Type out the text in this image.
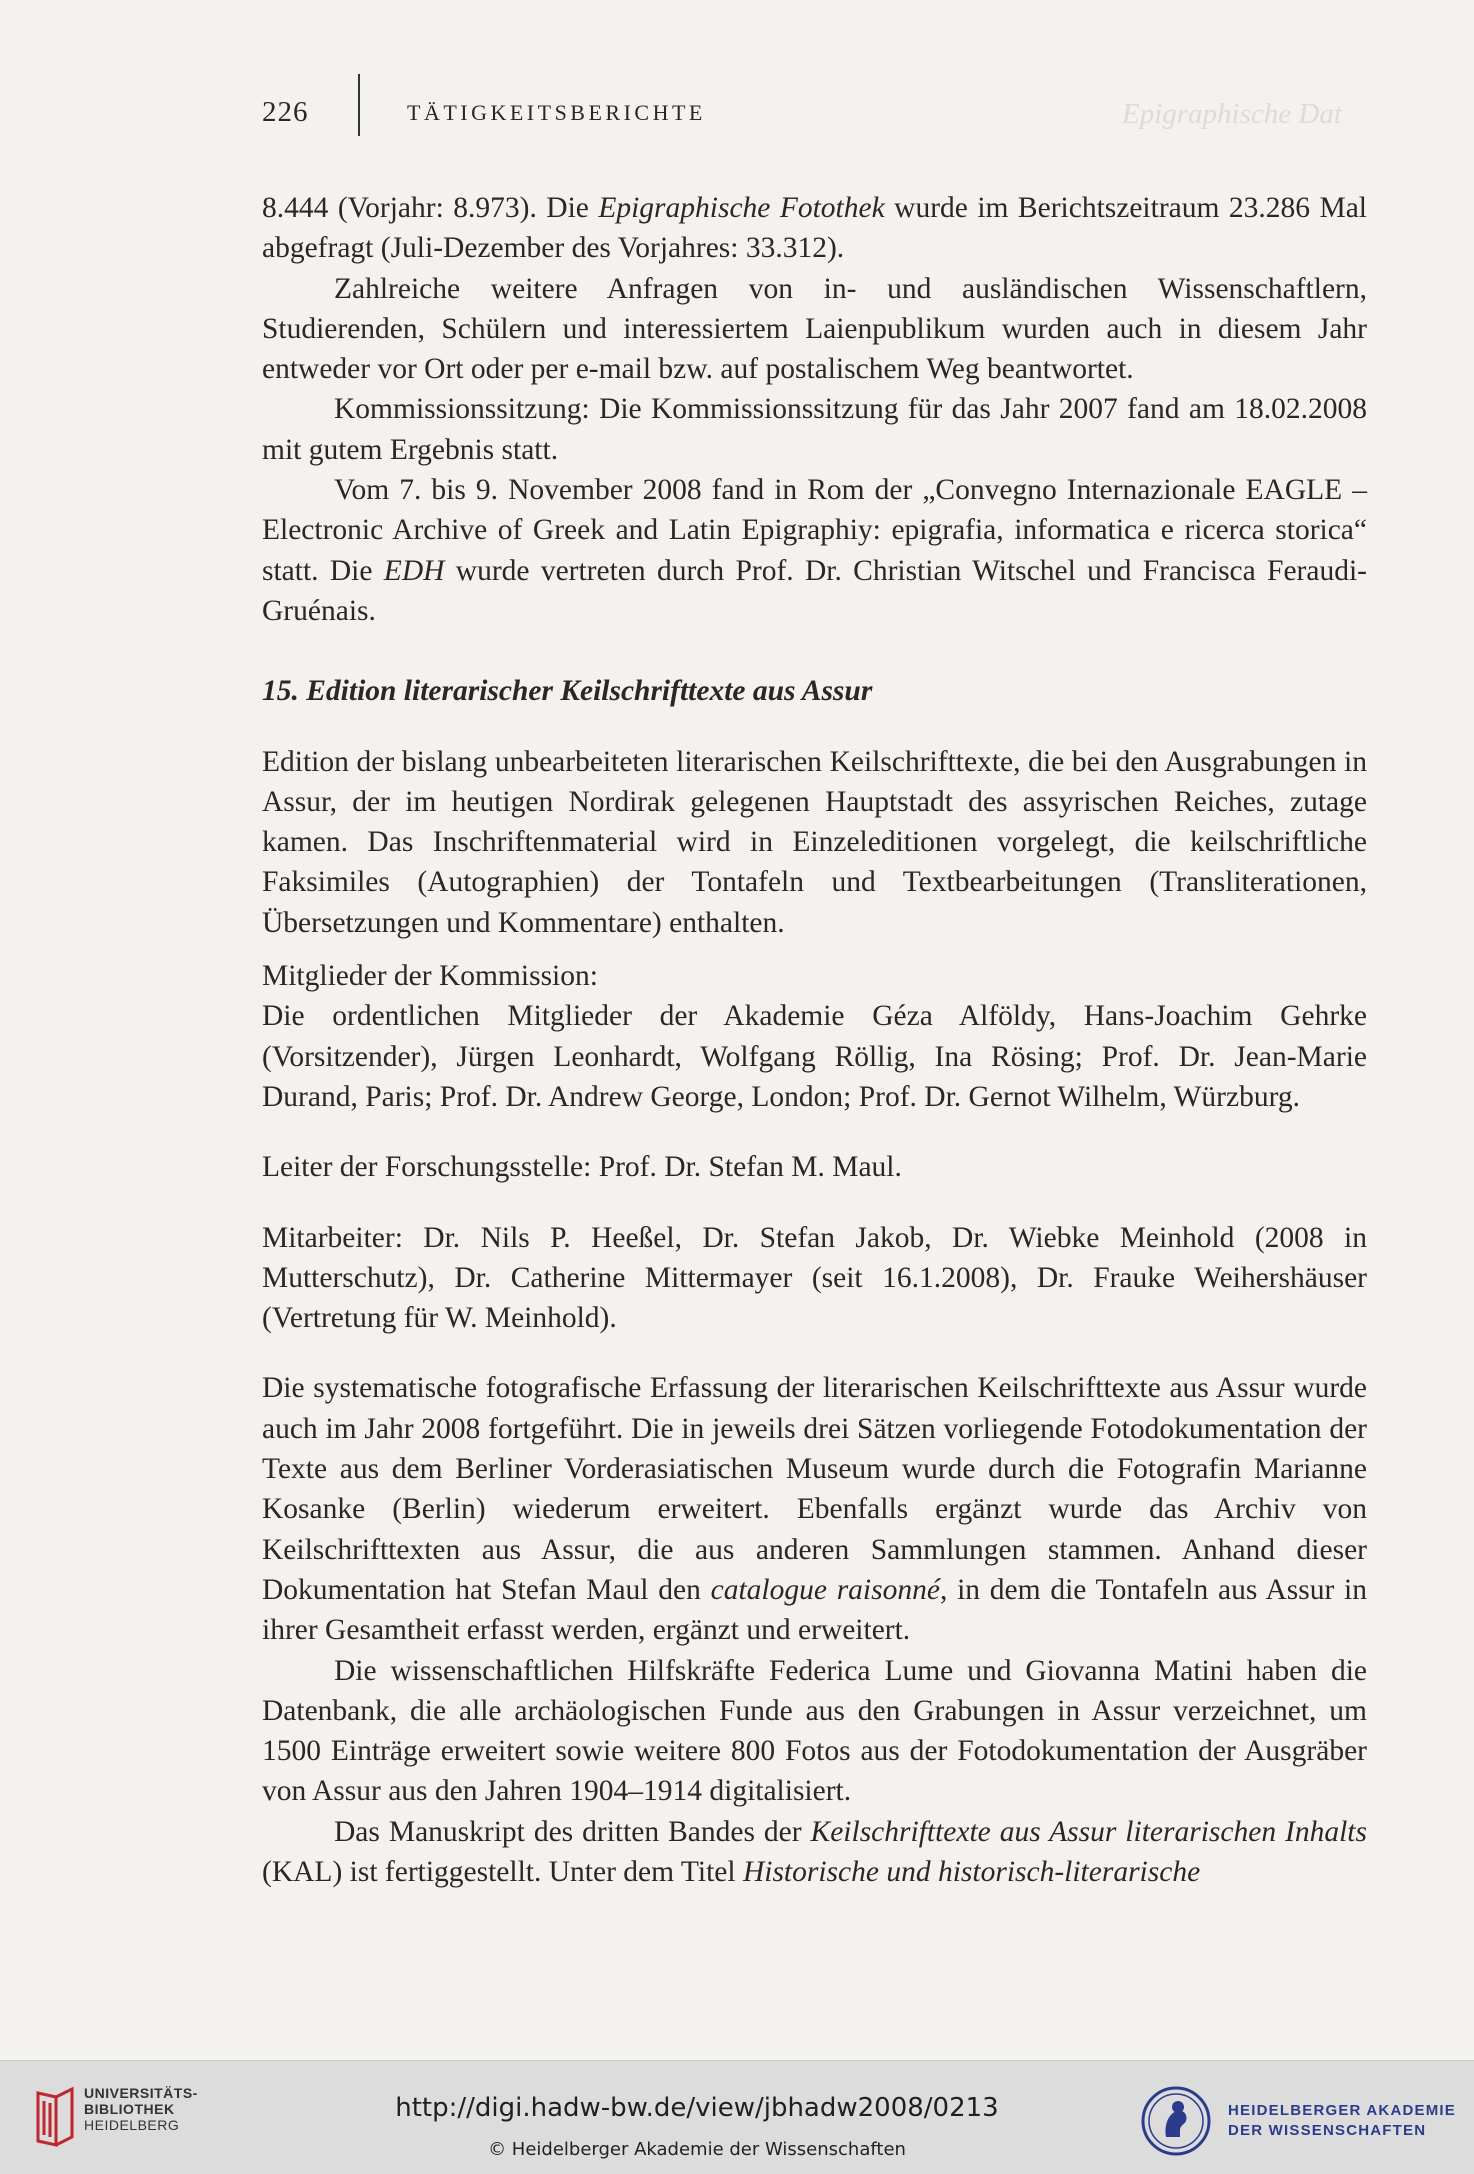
226	TÄTIGKEITSBERICHTE	Epigraphische Dat

8.444 (Vorjahr: 8.973). Die Epigraphische Fotothek wurde im Berichtszeitraum 23.286 Mal abgefragt (Juli-Dezember des Vorjahres: 33.312).

Zahlreiche weitere Anfragen von in- und ausländischen Wissenschaftlern, Studierenden, Schülern und interessiertem Laienpublikum wurden auch in diesem Jahr entweder vor Ort oder per e-mail bzw. auf postalischem Weg beantwortet.

Kommissionssitzung: Die Kommissionssitzung für das Jahr 2007 fand am 18.02.2008 mit gutem Ergebnis statt.

Vom 7. bis 9. November 2008 fand in Rom der „Convegno Internazionale EAGLE – Electronic Archive of Greek and Latin Epigraphiy: epigrafia, informatica e ricerca storica“ statt. Die EDH wurde vertreten durch Prof. Dr. Christian Witschel und Francisca Feraudi-Gruénais.

15. Edition literarischer Keilschrifttexte aus Assur

Edition der bislang unbearbeiteten literarischen Keilschrifttexte, die bei den Ausgrabungen in Assur, der im heutigen Nordirak gelegenen Hauptstadt des assyrischen Reiches, zutage kamen. Das Inschriftenmaterial wird in Einzeleditionen vorgelegt, die keilschriftliche Faksimiles (Autographien) der Tontafeln und Textbearbeitungen (Transliterationen, Übersetzungen und Kommentare) enthalten.

Mitglieder der Kommission:

Die ordentlichen Mitglieder der Akademie Géza Alföldy, Hans-Joachim Gehrke (Vorsitzender), Jürgen Leonhardt, Wolfgang Röllig, Ina Rösing; Prof. Dr. Jean-Marie Durand, Paris; Prof. Dr. Andrew George, London; Prof. Dr. Gernot Wilhelm, Würzburg.

Leiter der Forschungsstelle: Prof. Dr. Stefan M. Maul.

Mitarbeiter: Dr. Nils P. Heeßel, Dr. Stefan Jakob, Dr. Wiebke Meinhold (2008 in Mutterschutz), Dr. Catherine Mittermayer (seit 16.1.2008), Dr. Frauke Weihershäuser (Vertretung für W. Meinhold).

Die systematische fotografische Erfassung der literarischen Keilschrifttexte aus Assur wurde auch im Jahr 2008 fortgeführt. Die in jeweils drei Sätzen vorliegende Fotodokumentation der Texte aus dem Berliner Vorderasiatischen Museum wurde durch die Fotografin Marianne Kosanke (Berlin) wiederum erweitert. Ebenfalls ergänzt wurde das Archiv von Keilschrifttexten aus Assur, die aus anderen Sammlungen stammen. Anhand dieser Dokumentation hat Stefan Maul den catalogue raisonné, in dem die Tontafeln aus Assur in ihrer Gesamtheit erfasst werden, ergänzt und erweitert.

Die wissenschaftlichen Hilfskräfte Federica Lume und Giovanna Matini haben die Datenbank, die alle archäologischen Funde aus den Grabungen in Assur verzeichnet, um 1500 Einträge erweitert sowie weitere 800 Fotos aus der Fotodokumentation der Ausgräber von Assur aus den Jahren 1904–1914 digitalisiert.

Das Manuskript des dritten Bandes der Keilschrifttexte aus Assur literarischen Inhalts (KAL) ist fertiggestellt. Unter dem Titel Historische und historisch-literarische

UNIVERSITÄTS-
BIBLIOTHEK
HEIDELBERG
http://digi.hadw-bw.de/view/jbhadw2008/0213
© Heidelberger Akademie der Wissenschaften
HEIDELBERGER AKADEMIE
DER WISSENSCHAFTEN
